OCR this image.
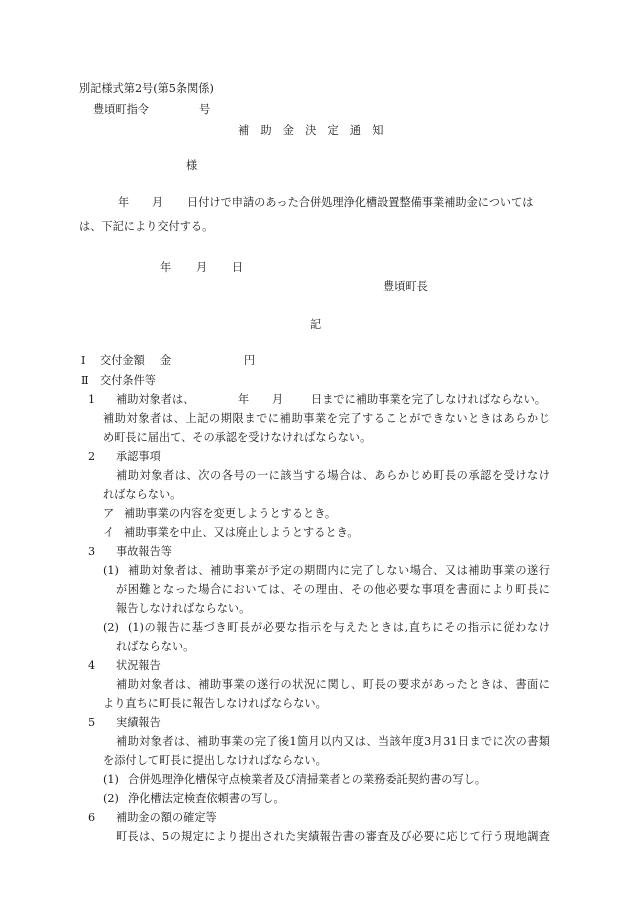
別記様式第2号(第5条関係)
豊頃町指令	号
補　助　金　決　定　通　知
様
年 月 日付けで申請のあった合併処理浄化槽設置整備事業補助金については
は、下記により交付する。
年 月 日
豊頃町長
記
Ⅰ 交付金額 金	円
Ⅱ 交付条件等
1 補助対象者は、	年 月 日までに補助事業を完了しなければならない。
補助対象者は、上記の期限までに補助事業を完了することができないときはあらかじ
め町長に届出て、その承認を受けなければならない。
2 承認事項
補助対象者は、次の各号の一に該当する場合は、あらかじめ町長の承認を受けなけ
ればならない。
ア 補助事業の内容を変更しようとするとき。
イ 補助事業を中止、又は廃止しようとするとき。
3 事故報告等
(1) 補助対象者は、補助事業が予定の期間内に完了しない場合、又は補助事業の遂行
が困難となった場合においては、その理由、その他必要な事項を書面により町長に
報告しなければならない。
(2) (1)の報告に基づき町長が必要な指示を与えたときは,直ちにその指示に従わなけ
ればならない。
4 状況報告
補助対象者は、補助事業の遂行の状況に関し、町長の要求があったときは、書面に
より直ちに町長に報告しなければならない。
5 実績報告
補助対象者は、補助事業の完了後1箇月以内又は、当該年度3月31日までに次の書類
を添付して町長に提出しなければならない。
(1) 合併処理浄化槽保守点検業者及び清掃業者との業務委託契約書の写し。
(2) 浄化槽法定検査依頼書の写し。
6 補助金の額の確定等
町長は、5の規定により提出された実績報告書の審査及び必要に応じて行う現地調査
